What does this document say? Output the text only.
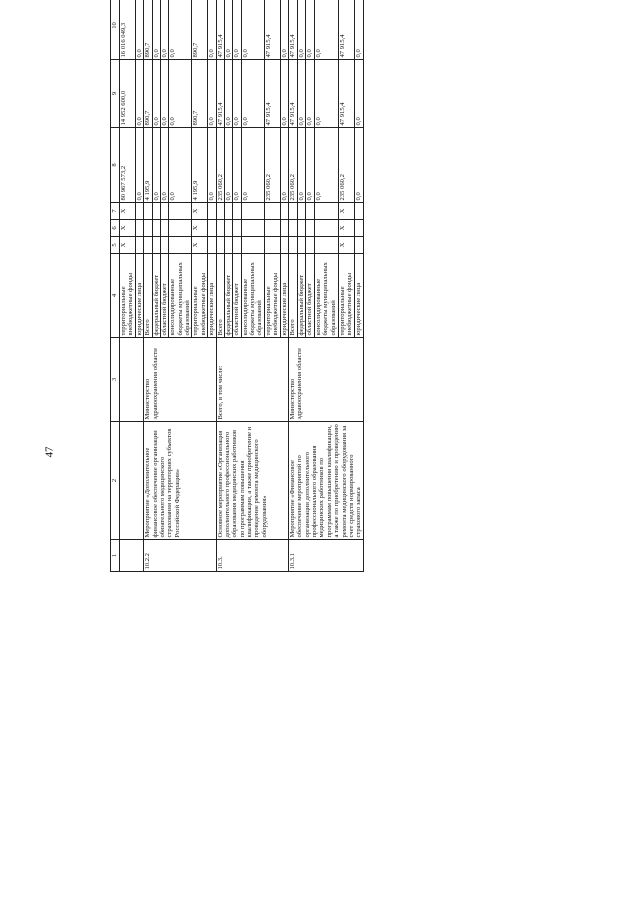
47
1	2	3	4	5	6	7	8	9	10			
			территориальные внебюджетные фонды	X	X	X	80 967 573,2	14 952 600,0	16 016 049,3			
			юридические лица				0,0	0,0	0,0			
10.2.2	Мероприятие «Дополнительное финансовое обеспечение организации обязательного медицинского страхования на территориях субъектов Российской Федерации»	Министерство здравоохранения области	Всего				4 195,9	890,7	890,7			
			федеральный бюджет				0,0	0,0	0,0			
			областной бюджет				0,0	0,0	0,0			
			консолидированные бюджеты муниципальных образований				0,0	0,0	0,0			
			территориальные внебюджетные фонды	X	X	X	4 195,9	890,7	890,7			
			юридические лица				0,0	0,0	0,0			
10.3.	Основное мероприятие «Организация дополнительного профессионального образования медицинских работников по программам повышения квалификации, а также приобретение и проведение ремонта медицинского оборудования»	Всего, в том числе:	Всего				235 060,2	47 915,4	47 915,4			
			федеральный бюджет				0,0	0,0	0,0			
			областной бюджет				0,0	0,0	0,0			
			консолидированные бюджеты муниципальных образований				0,0	0,0	0,0			
			территориальные внебюджетные фонды				235 060,2	47 915,4	47 915,4			
			юридические лица				0,0	0,0	0,0			
10.3.1	Мероприятие «Финансовое обеспечение мероприятий по организации дополнительного профессионального образования медицинских работников по программам повышения квалификации, а также по приобретению и проведению ремонта медицинского оборудования за счет средств нормированного страхового запаса	Министерство здравоохранения области	Всего				235 060,2	47 915,4	47 915,4			
			федеральный бюджет				0,0	0,0	0,0			
			областной бюджет				0,0	0,0	0,0			
			консолидированные бюджеты муниципальных образований				0,0	0,0	0,0			
			территориальные внебюджетные фонды	X	X	X	235 060,2	47 915,4	47 915,4			
			юридические лица				0,0	0,0	0,0			
